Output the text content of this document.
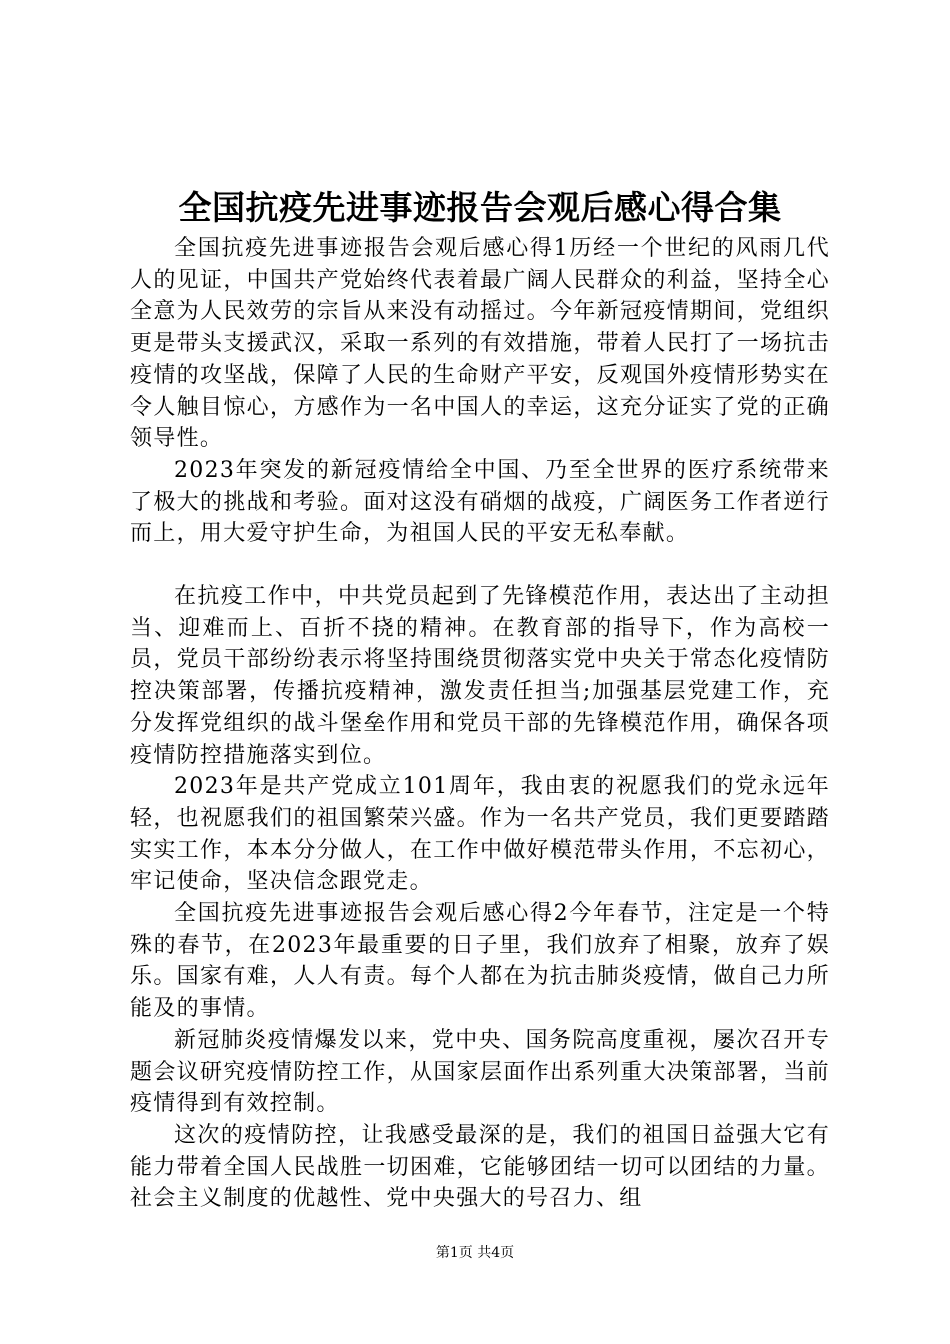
全国抗疫先进事迹报告会观后感心得合集

全国抗疫先进事迹报告会观后感心得1历经一个世纪的风雨几代人的见证，中国共产党始终代表着最广阔人民群众的利益，坚持全心全意为人民效劳的宗旨从来没有动摇过。今年新冠疫情期间，党组织更是带头支援武汉，采取一系列的有效措施，带着人民打了一场抗击疫情的攻坚战，保障了人民的生命财产平安，反观国外疫情形势实在令人触目惊心，方感作为一名中国人的幸运，这充分证实了党的正确领导性。

2023年突发的新冠疫情给全中国、乃至全世界的医疗系统带来了极大的挑战和考验。面对这没有硝烟的战疫，广阔医务工作者逆行而上，用大爱守护生命，为祖国人民的平安无私奉献。

在抗疫工作中，中共党员起到了先锋模范作用，表达出了主动担当、迎难而上、百折不挠的精神。在教育部的指导下，作为高校一员，党员干部纷纷表示将坚持围绕贯彻落实党中央关于常态化疫情防控决策部署，传播抗疫精神，激发责任担当;加强基层党建工作，充分发挥党组织的战斗堡垒作用和党员干部的先锋模范作用，确保各项疫情防控措施落实到位。

2023年是共产党成立101周年，我由衷的祝愿我们的党永远年轻，也祝愿我们的祖国繁荣兴盛。作为一名共产党员，我们更要踏踏实实工作，本本分分做人，在工作中做好模范带头作用，不忘初心，牢记使命，坚决信念跟党走。

全国抗疫先进事迹报告会观后感心得2今年春节，注定是一个特殊的春节，在2023年最重要的日子里，我们放弃了相聚，放弃了娱乐。国家有难，人人有责。每个人都在为抗击肺炎疫情，做自己力所能及的事情。

新冠肺炎疫情爆发以来，党中央、国务院高度重视，屡次召开专题会议研究疫情防控工作，从国家层面作出系列重大决策部署，当前疫情得到有效控制。

这次的疫情防控，让我感受最深的是，我们的祖国日益强大它有能力带着全国人民战胜一切困难，它能够团结一切可以团结的力量。社会主义制度的优越性、党中央强大的号召力、组

第1页 共4页
